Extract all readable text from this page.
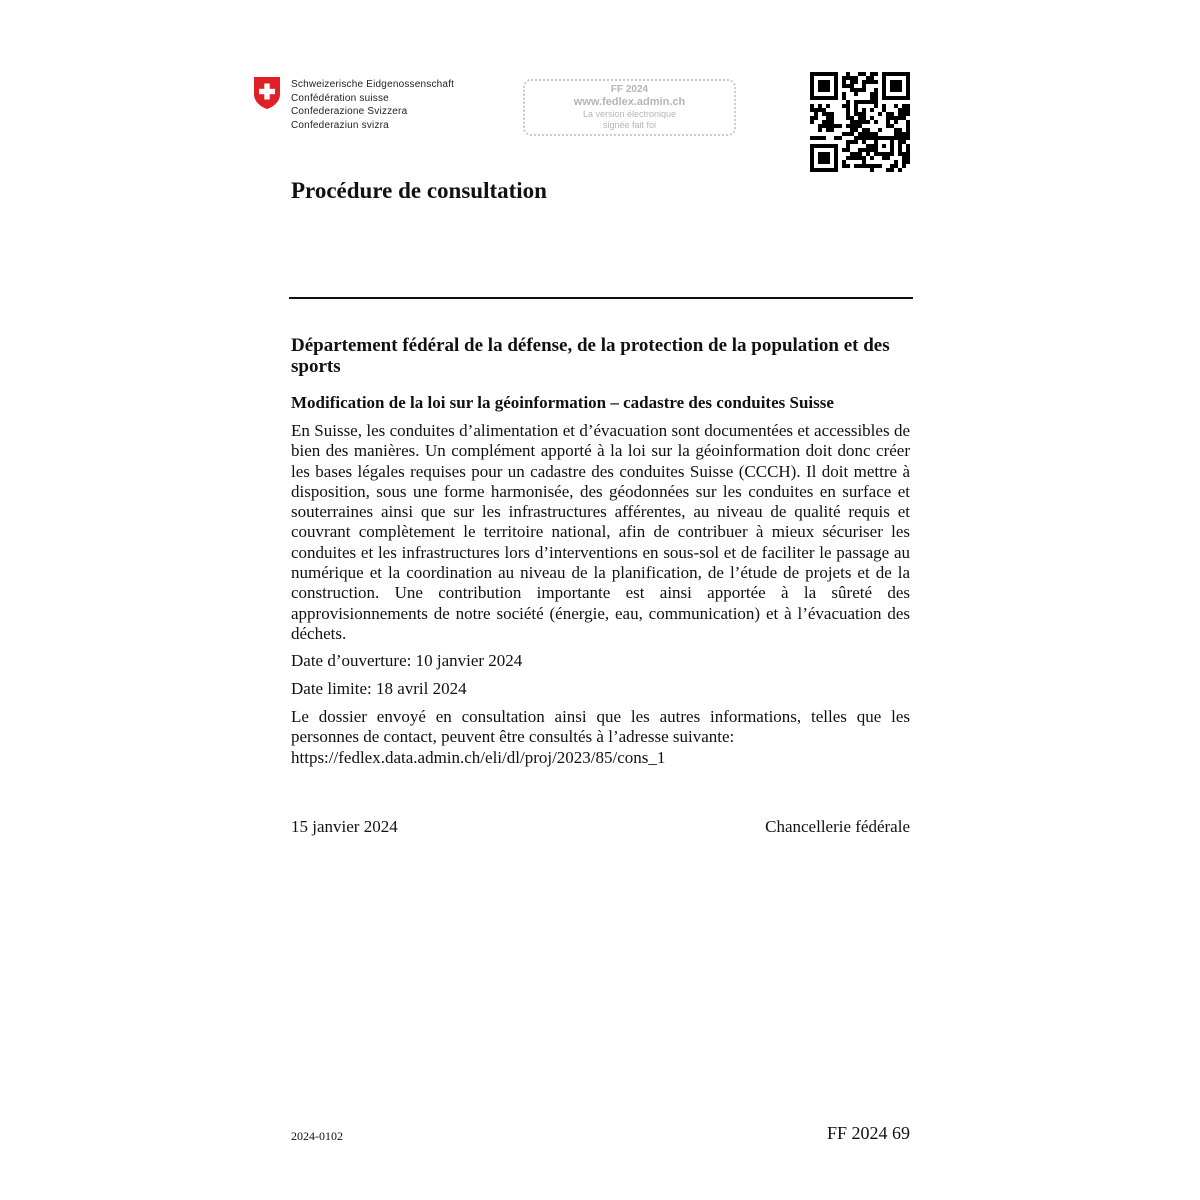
Schweizerische Eidgenossenschaft
Confédération suisse
Confederazione Svizzera
Confederaziun svizra
FF 2024
www.fedlex.admin.ch
La version électronique
signée fait foi
Procédure de consultation
Département fédéral de la défense, de la protection de la population et des sports
Modification de la loi sur la géoinformation – cadastre des conduites Suisse
En Suisse, les conduites d’alimentation et d’évacuation sont documentées et accessibles de bien des manières. Un complément apporté à la loi sur la géoinformation doit donc créer les bases légales requises pour un cadastre des conduites Suisse (CCCH). Il doit mettre à disposition, sous une forme harmonisée, des géodonnées sur les conduites en surface et souterraines ainsi que sur les infrastructures afférentes, au niveau de qualité requis et couvrant complètement le territoire national, afin de contribuer à mieux sécuriser les conduites et les infrastructures lors d’interventions en sous-sol et de faciliter le passage au numérique et la coordination au niveau de la planification, de l’étude de projets et de la construction. Une contribution importante est ainsi apportée à la sûreté des approvisionnements de notre société (énergie, eau, communication) et à l’évacuation des déchets.
Date d’ouverture: 10 janvier 2024
Date limite: 18 avril 2024
Le dossier envoyé en consultation ainsi que les autres informations, telles que les personnes de contact, peuvent être consultés à l’adresse suivante:
https://fedlex.data.admin.ch/eli/dl/proj/2023/85/cons_1
15 janvier 2024	Chancellerie fédérale
2024-0102	FF 2024 69
